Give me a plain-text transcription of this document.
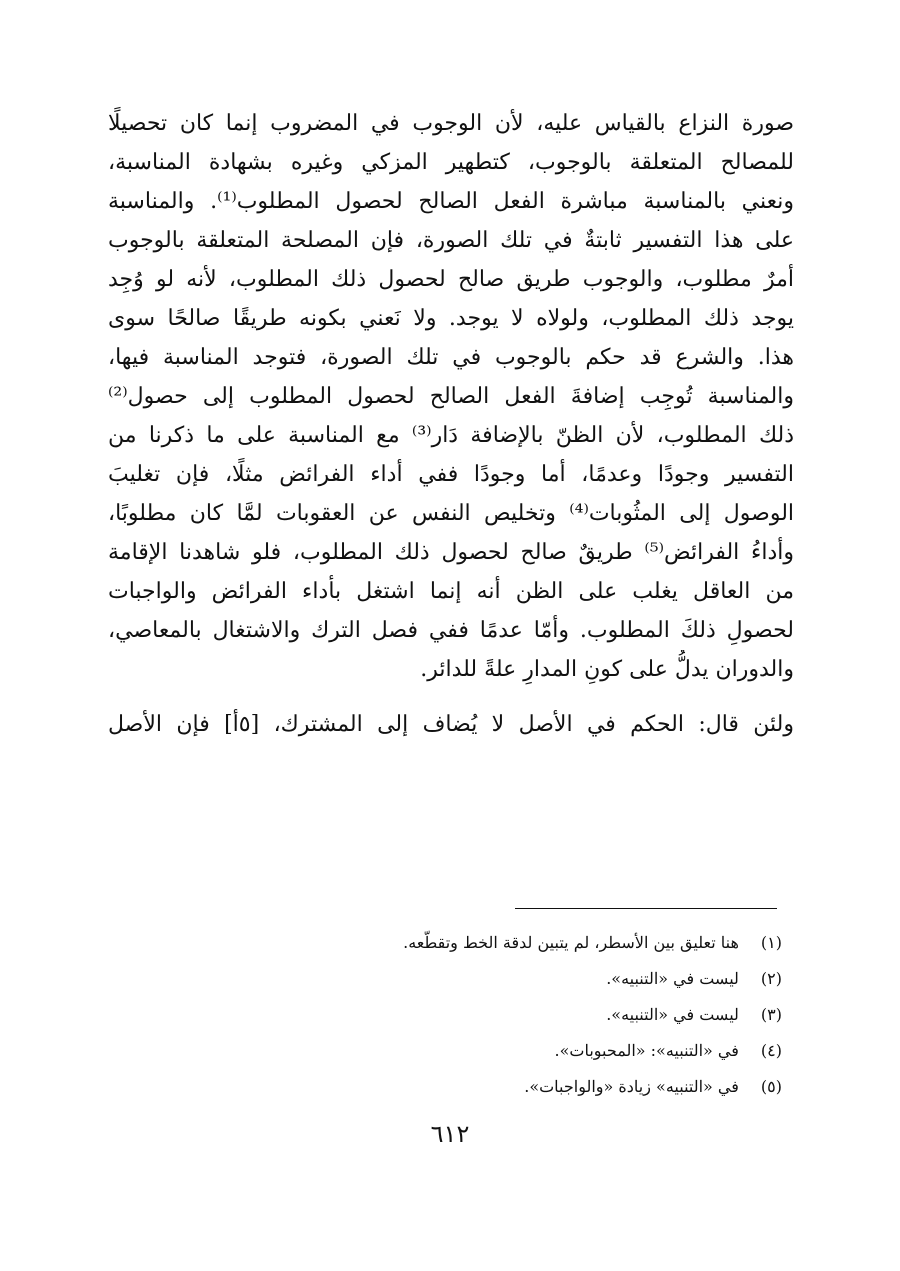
صورة النزاع بالقياس عليه، لأن الوجوب في المضروب إنما كان تحصيلًا
للمصالح المتعلقة بالوجوب، كتطهير المزكي وغيره بشهادة المناسبة،
ونعني بالمناسبة مباشرة الفعل الصالح لحصول المطلوب⁽¹⁾. والمناسبة
على هذا التفسير ثابتةٌ في تلك الصورة، فإن المصلحة المتعلقة بالوجوب
أمرٌ مطلوب، والوجوب طريق صالح لحصول ذلك المطلوب، لأنه لو وُجِد
يوجد ذلك المطلوب، ولولاه لا يوجد. ولا نَعني بكونه طريقًا صالحًا سوى
هذا. والشرع قد حكم بالوجوب في تلك الصورة، فتوجد المناسبة فيها،
والمناسبة تُوجِب إضافةَ الفعل الصالح لحصول المطلوب إلى حصول⁽²⁾
ذلك المطلوب، لأن الظنّ بالإضافة دَار⁽³⁾ مع المناسبة على ما ذكرنا من
التفسير وجودًا وعدمًا، أما وجودًا ففي أداء الفرائض مثلًا، فإن تغليبَ
الوصول إلى المثُوبات⁽⁴⁾ وتخليص النفس عن العقوبات لمَّا كان مطلوبًا،
وأداءُ الفرائض⁽⁵⁾ طريقٌ صالح لحصول ذلك المطلوب، فلو شاهدنا الإقامة
من العاقل يغلب على الظن أنه إنما اشتغل بأداء الفرائض والواجبات
لحصولِ ذلكَ المطلوب. وأمّا عدمًا ففي فصل الترك والاشتغال بالمعاصي،
والدوران يدلُّ على كونِ المدارِ علةً للدائر.
ولئن قال: الحكم في الأصل لا يُضاف إلى المشترك، [٥أ] فإن الأصل
(١) هنا تعليق بين الأسطر، لم يتبين لدقة الخط وتقطّعه.
(٢) ليست في «التنبيه».
(٣) ليست في «التنبيه».
(٤) في «التنبيه»: «المحبوبات».
(٥) في «التنبيه» زيادة «والواجبات».
٦١٢
